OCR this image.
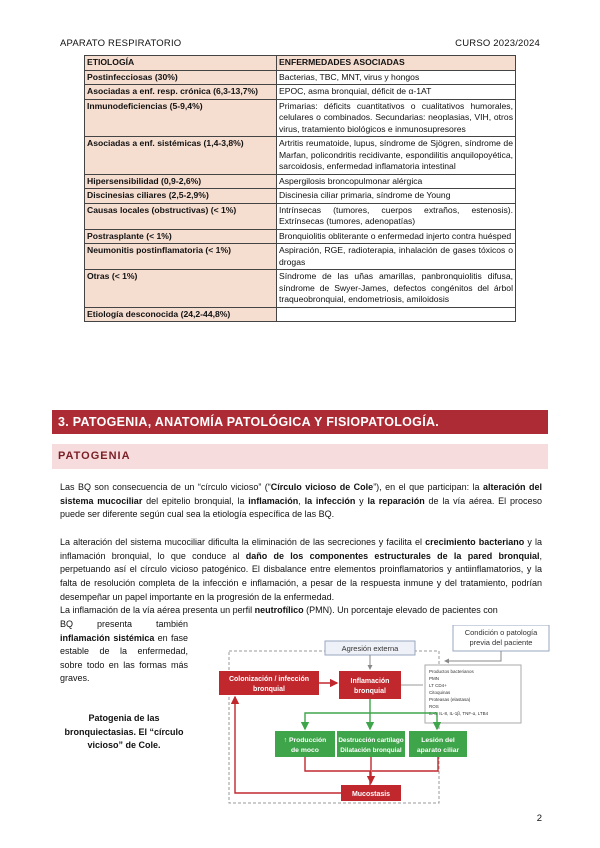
APARATO RESPIRATORIO	CURSO 2023/2024
ETIOLOGÍA	ENFERMEDADES ASOCIADAS
Postinfecciosas (30%)	Bacterias, TBC, MNT, virus y hongos
Asociadas a enf. resp. crónica (6,3-13,7%)	EPOC, asma bronquial, déficit de α-1AT
Inmunodeficiencias (5-9,4%)	Primarias: déficits cuantitativos o cualitativos humorales, celulares o combinados. Secundarias: neoplasias, VIH, otros virus, tratamiento biológicos e inmunosupresores
Asociadas a enf. sistémicas (1,4-3,8%)	Artritis reumatoide, lupus, síndrome de Sjögren, síndrome de Marfan, policondritis recidivante, espondilitis anquilopoyética, sarcoidosis, enfermedad inflamatoria intestinal
Hipersensibilidad (0,9-2,6%)	Aspergilosis broncopulmonar alérgica
Discinesias ciliares (2,5-2,9%)	Discinesia ciliar primaria, síndrome de Young
Causas locales (obstructivas) (< 1%)	Intrínsecas (tumores, cuerpos extraños, estenosis). Extrínsecas (tumores, adenopatías)
Postrasplante (< 1%)	Bronquiolitis obliterante o enfermedad injerto contra huésped
Neumonitis postinflamatoria (< 1%)	Aspiración, RGE, radioterapia, inhalación de gases tóxicos o drogas
Otras (< 1%)	Síndrome de las uñas amarillas, panbronquiolitis difusa, síndrome de Swyer-James, defectos congénitos del árbol traqueobronquial, endometriosis, amiloidosis
Etiología desconocida (24,2-44,8%)	
3. PATOGENIA, ANATOMÍA PATOLÓGICA Y FISIOPATOLOGÍA.
PATOGENIA

Las BQ son consecuencia de un “círculo vicioso” (“Círculo vicioso de Cole”), en el que participan: la alteración del sistema mucociliar del epitelio bronquial, la inflamación, la infección y la reparación de la vía aérea. El proceso puede ser diferente según cual sea la etiología específica de las BQ.

La alteración del sistema mucociliar dificulta la eliminación de las secreciones y facilita el crecimiento bacteriano y la inflamación bronquial, lo que conduce al daño de los componentes estructurales de la pared bronquial, perpetuando así el círculo vicioso patogénico. El disbalance entre elementos proinflamatorios y antiinflamatorios, y la falta de resolución completa de la infección e inflamación, a pesar de la respuesta inmune y del tratamiento, podrían desempeñar un papel importante en la progresión de la enfermedad.

La inflamación de la vía aérea presenta un perfil neutrofílico (PMN). Un porcentaje elevado de pacientes con

BQ presenta también inflamación sistémica en fase estable de la enfermedad, sobre todo en las formas más graves.

Patogenia de las bronquiectasias. El “círculo vicioso” de Cole.

Agresión externa
Condición o patología
previa del paciente
Colonización / infección
bronquial
Inflamación
bronquial
Productos bacterianos
PMN
LT CD4+
Citoquinas
Proteasas (elastasa)
ROS
IL-6, IL-8, IL-1β, TNF-α, LTB4
↑ Producción
de moco
Destrucción cartílago
Dilatación bronquial
Lesión del
aparato ciliar
Mucostasis
2
